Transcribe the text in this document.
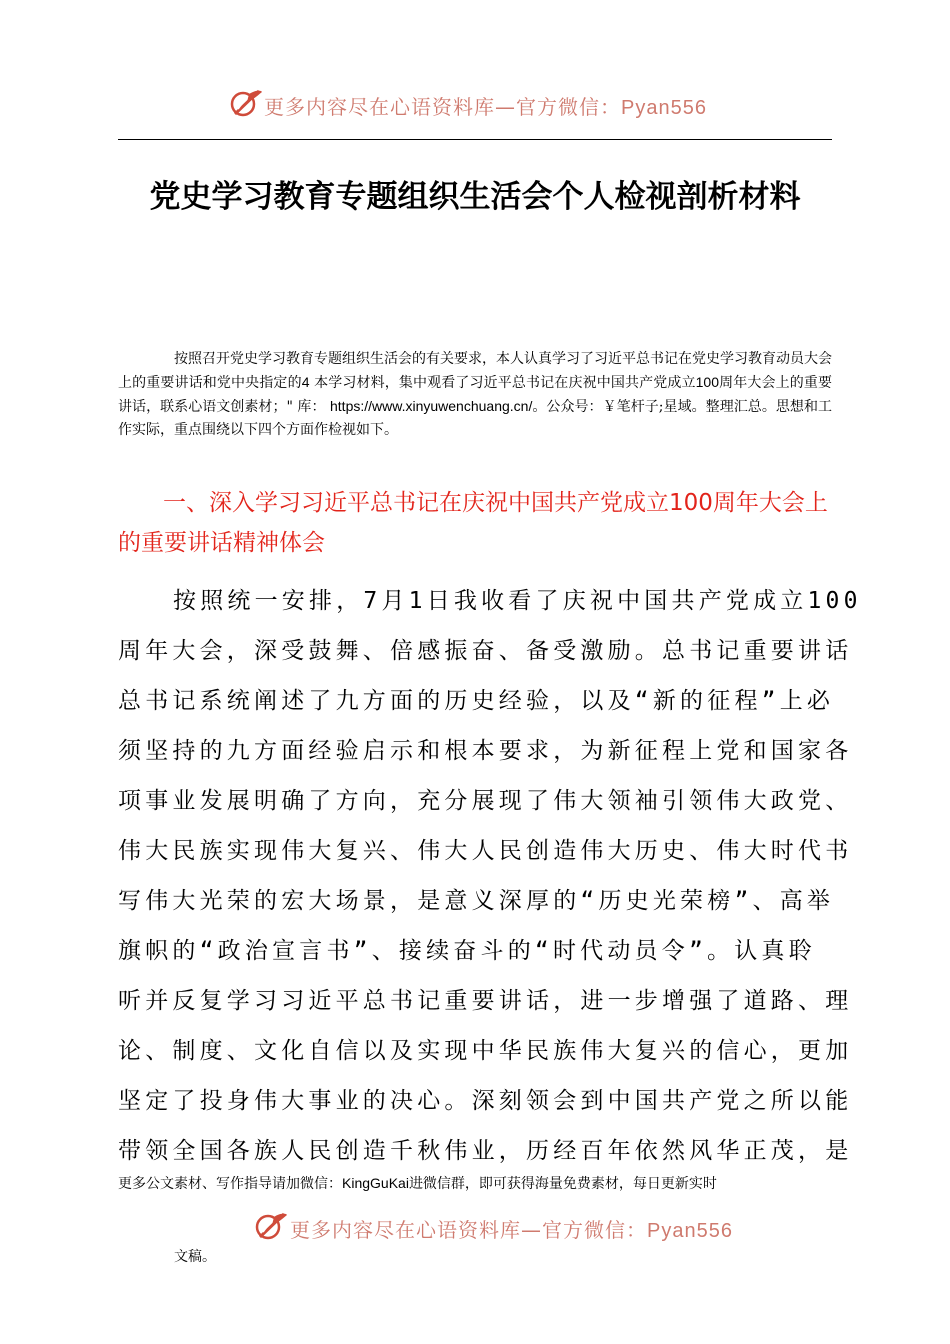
更多内容尽在心语资料库—官方微信：Pyan556
党史学习教育专题组织生活会个人检视剖析材料
按照召开党史学习教育专题组织生活会的有关要求，本人认真学习了习近平总书记在党史学习教育动员大会上的重要讲话和党中央指定的4 本学习材料，集中观看了习近平总书记在庆祝中国共产党成立100周年大会上的重要讲话，联系心语文创素材；" 库： https://www.xinyuwenchuang.cn/。公众号：￥笔杆子;星域。整理汇总。思想和工作实际，重点围绕以下四个方面作检视如下。
一、深入学习习近平总书记在庆祝中国共产党成立100周年大会上的重要讲话精神体会
按照统一安排，7月1日我收看了庆祝中国共产党成立100
周年大会，深受鼓舞、倍感振奋、备受激励。总书记重要讲话
总书记系统阐述了九方面的历史经验，以及“新的征程”上必
须坚持的九方面经验启示和根本要求，为新征程上党和国家各
项事业发展明确了方向，充分展现了伟大领袖引领伟大政党、
伟大民族实现伟大复兴、伟大人民创造伟大历史、伟大时代书
写伟大光荣的宏大场景，是意义深厚的“历史光荣榜”、高举
旗帜的“政治宣言书”、接续奋斗的“时代动员令”。认真聆
听并反复学习习近平总书记重要讲话，进一步增强了道路、理
论、制度、文化自信以及实现中华民族伟大复兴的信心，更加
坚定了投身伟大事业的决心。深刻领会到中国共产党之所以能
带领全国各族人民创造千秋伟业，历经百年依然风华正茂，是
更多公文素材、写作指导请加微信：KingGuKai进微信群，即可获得海量免费素材，每日更新实时
更多内容尽在心语资料库—官方微信：Pyan556
文稿。
